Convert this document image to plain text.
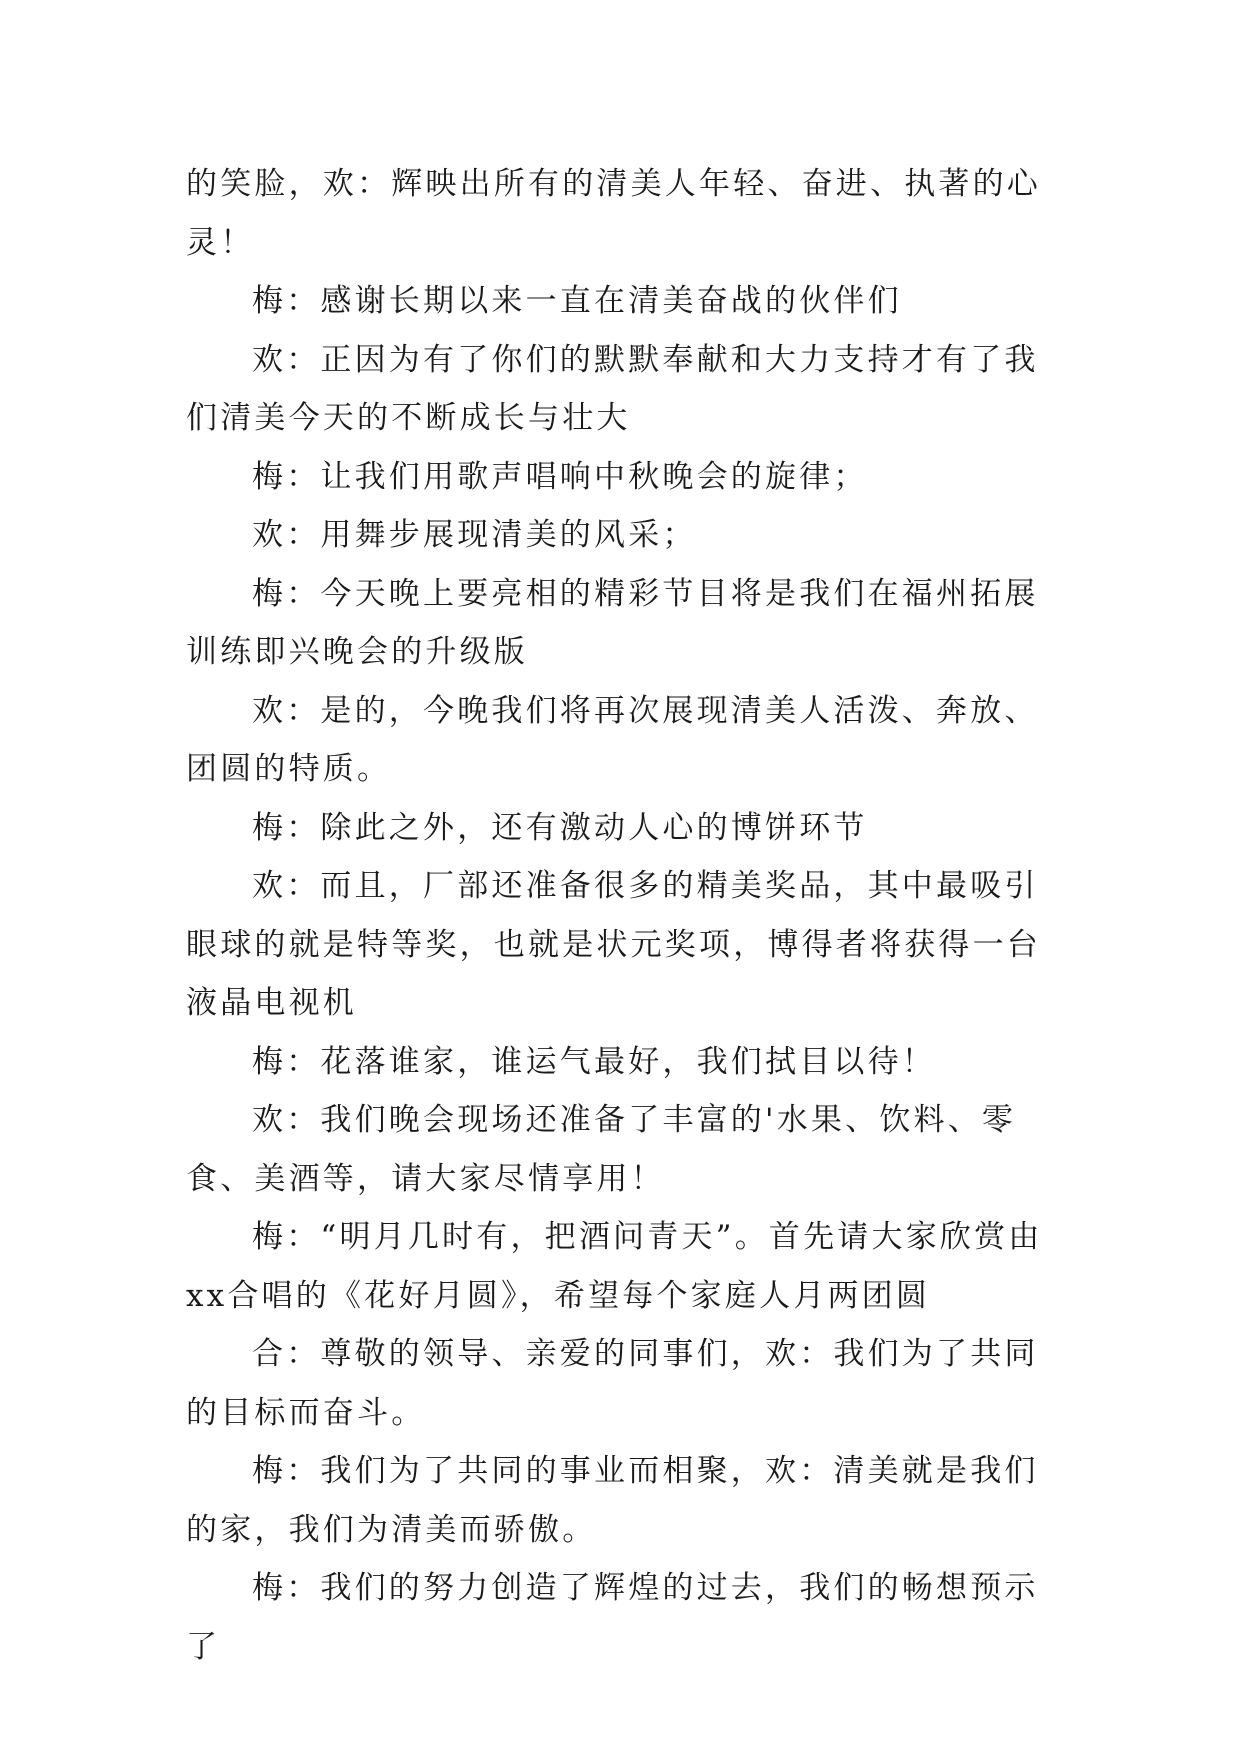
的笑脸，欢：辉映出所有的清美人年轻、奋进、执著的心灵！

梅：感谢长期以来一直在清美奋战的伙伴们

欢：正因为有了你们的默默奉献和大力支持才有了我们清美今天的不断成长与壮大

梅：让我们用歌声唱响中秋晚会的旋律；

欢：用舞步展现清美的风采；

梅：今天晚上要亮相的精彩节目将是我们在福州拓展训练即兴晚会的升级版

欢：是的，今晚我们将再次展现清美人活泼、奔放、团圆的特质。

梅：除此之外，还有激动人心的博饼环节

欢：而且，厂部还准备很多的精美奖品，其中最吸引眼球的就是特等奖，也就是状元奖项，博得者将获得一台液晶电视机

梅：花落谁家，谁运气最好，我们拭目以待！

欢：我们晚会现场还准备了丰富的'水果、饮料、零食、美酒等，请大家尽情享用！

梅：“明月几时有，把酒问青天”。首先请大家欣赏由xx合唱的《花好月圆》，希望每个家庭人月两团圆

合：尊敬的领导、亲爱的同事们，欢：我们为了共同的目标而奋斗。

梅：我们为了共同的事业而相聚，欢：清美就是我们的家，我们为清美而骄傲。

梅：我们的努力创造了辉煌的过去，我们的畅想预示了
